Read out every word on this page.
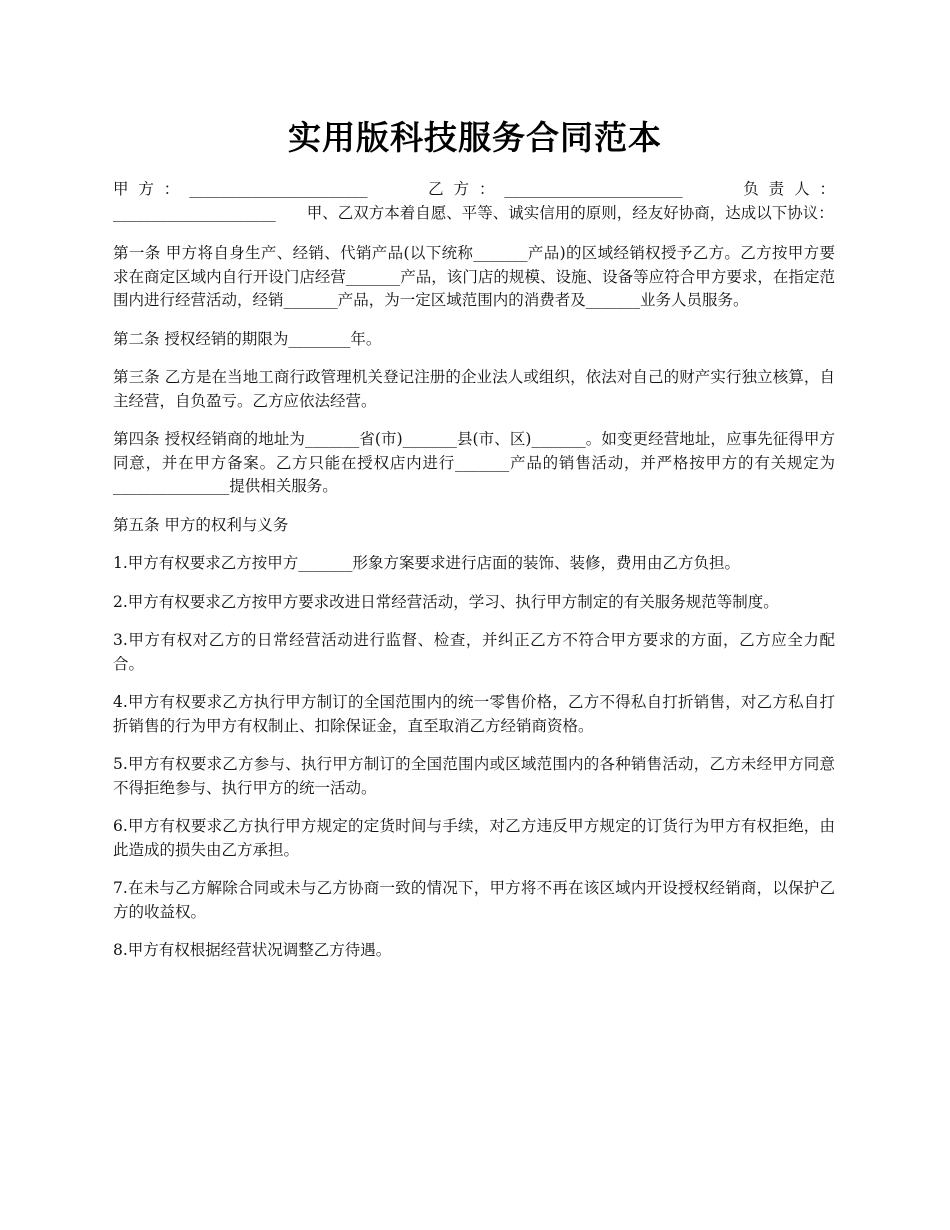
实用版科技服务合同范本

甲方：_______________________　　乙方：_______________________　　负责人：_____________________　　甲、乙双方本着自愿、平等、诚实信用的原则，经友好协商，达成以下协议：

第一条 甲方将自身生产、经销、代销产品(以下统称_______产品)的区域经销权授予乙方。乙方按甲方要求在商定区域内自行开设门店经营_______产品，该门店的规模、设施、设备等应符合甲方要求，在指定范围内进行经营活动，经销_______产品，为一定区域范围内的消费者及_______业务人员服务。

第二条 授权经销的期限为________年。

第三条 乙方是在当地工商行政管理机关登记注册的企业法人或组织，依法对自己的财产实行独立核算，自主经营，自负盈亏。乙方应依法经营。

第四条 授权经销商的地址为_______省(市)_______县(市、区)_______。如变更经营地址，应事先征得甲方同意，并在甲方备案。乙方只能在授权店内进行_______产品的销售活动，并严格按甲方的有关规定为_______________提供相关服务。

第五条 甲方的权利与义务

1.甲方有权要求乙方按甲方_______形象方案要求进行店面的装饰、装修，费用由乙方负担。

2.甲方有权要求乙方按甲方要求改进日常经营活动，学习、执行甲方制定的有关服务规范等制度。

3.甲方有权对乙方的日常经营活动进行监督、检查，并纠正乙方不符合甲方要求的方面，乙方应全力配合。

4.甲方有权要求乙方执行甲方制订的全国范围内的统一零售价格，乙方不得私自打折销售，对乙方私自打折销售的行为甲方有权制止、扣除保证金，直至取消乙方经销商资格。

5.甲方有权要求乙方参与、执行甲方制订的全国范围内或区域范围内的各种销售活动，乙方未经甲方同意不得拒绝参与、执行甲方的统一活动。

6.甲方有权要求乙方执行甲方规定的定货时间与手续，对乙方违反甲方规定的订货行为甲方有权拒绝，由此造成的损失由乙方承担。

7.在未与乙方解除合同或未与乙方协商一致的情况下，甲方将不再在该区域内开设授权经销商，以保护乙方的收益权。

8.甲方有权根据经营状况调整乙方待遇。
